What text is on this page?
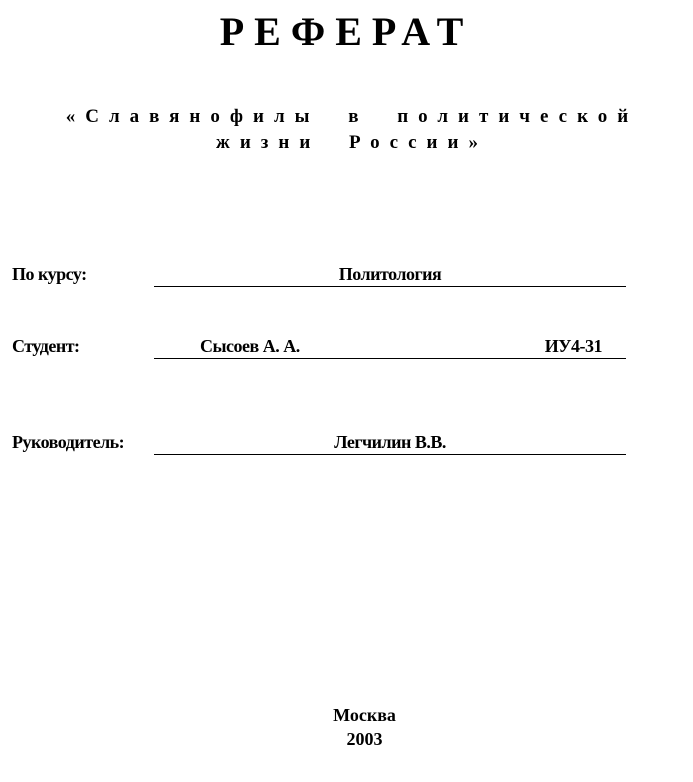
РЕФЕРАТ
«Славянофилы в политической жизни России»
По курсу:	Политология
Студент:	Сысоев А. А.	ИУ4-31
Руководитель:	Легчилин В.В.
Москва
2003
